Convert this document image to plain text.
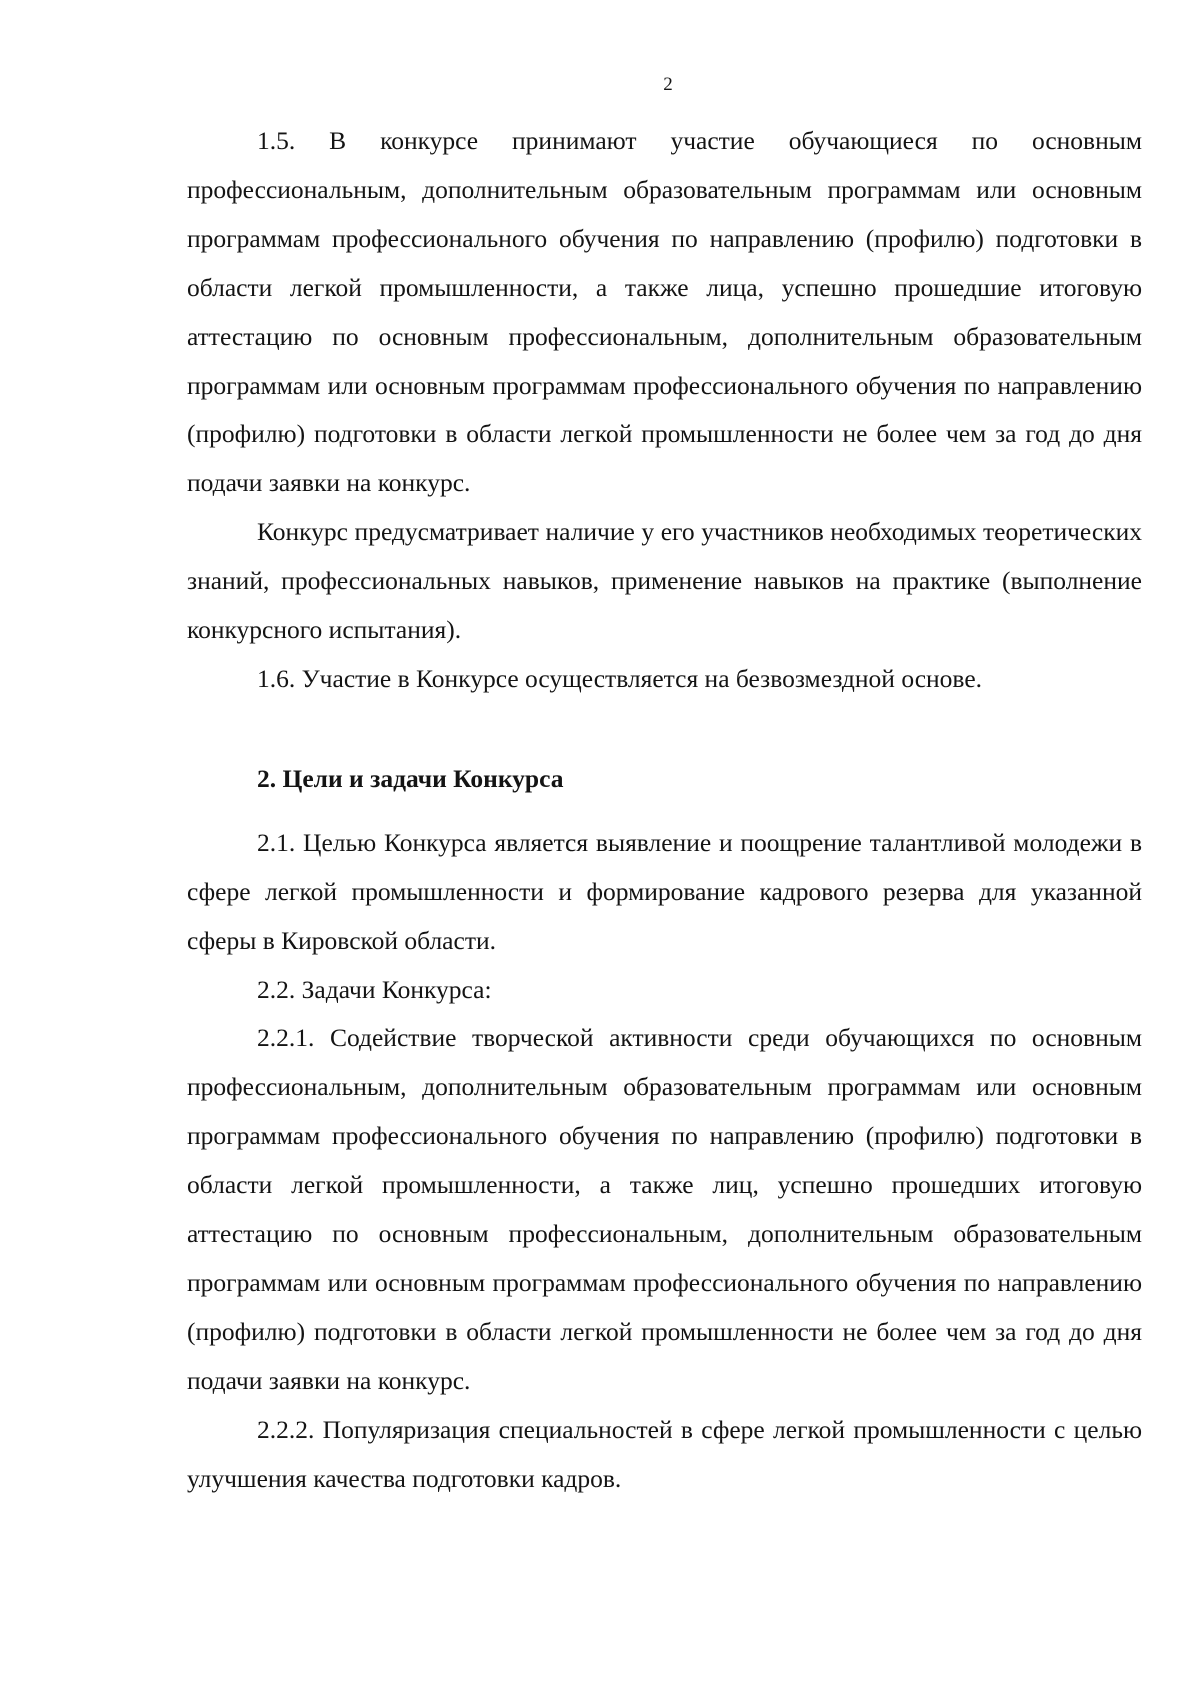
2

1.5. В конкурсе принимают участие обучающиеся по основным профессиональным, дополнительным образовательным программам или основным программам профессионального обучения по направлению (профилю) подготовки в области легкой промышленности, а также лица, успешно прошедшие итоговую аттестацию по основным профессиональным, дополнительным образовательным программам или основным программам профессионального обучения по направлению (профилю) подготовки в области легкой промышленности не более чем за год до дня подачи заявки на конкурс.

Конкурс предусматривает наличие у его участников необходимых теоретических знаний, профессиональных навыков, применение навыков на практике (выполнение конкурсного испытания).

1.6. Участие в Конкурсе осуществляется на безвозмездной основе.

2. Цели и задачи Конкурса

2.1. Целью Конкурса является выявление и поощрение талантливой молодежи в сфере легкой промышленности и формирование кадрового резерва для указанной сферы в Кировской области.

2.2. Задачи Конкурса:

2.2.1. Содействие творческой активности среди обучающихся по основным профессиональным, дополнительным образовательным программам или основным программам профессионального обучения по направлению (профилю) подготовки в области легкой промышленности, а также лиц, успешно прошедших итоговую аттестацию по основным профессиональным, дополнительным образовательным программам или основным программам профессионального обучения по направлению (профилю) подготовки в области легкой промышленности не более чем за год до дня подачи заявки на конкурс.

2.2.2. Популяризация специальностей в сфере легкой промышленности с целью улучшения качества подготовки кадров.
